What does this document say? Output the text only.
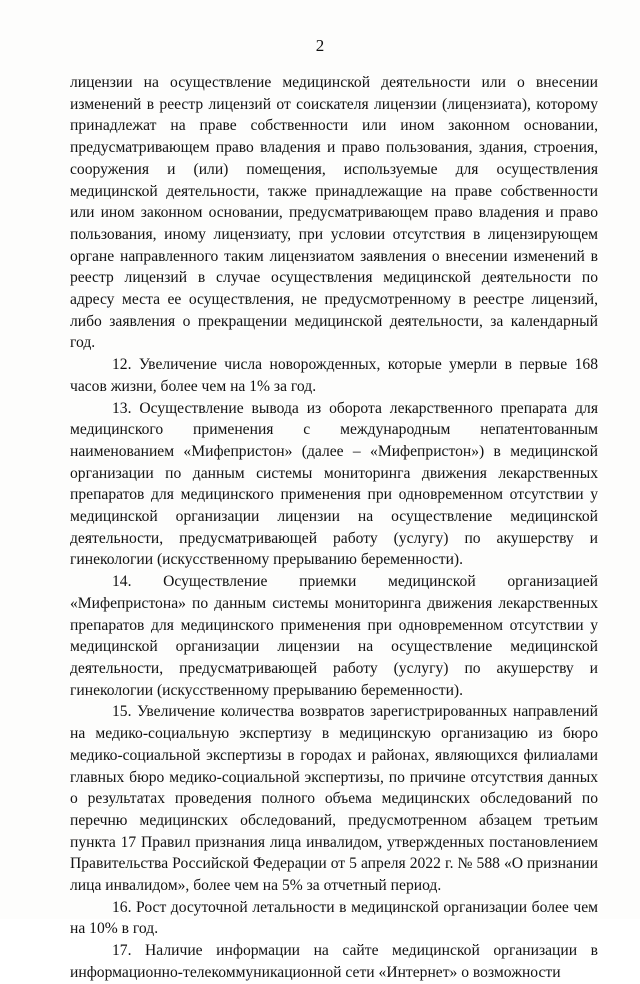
2

лицензии на осуществление медицинской деятельности или о внесении изменений в реестр лицензий от соискателя лицензии (лицензиата), которому принадлежат на праве собственности или ином законном основании, предусматривающем право владения и право пользования, здания, строения, сооружения и (или) помещения, используемые для осуществления медицинской деятельности, также принадлежащие на праве собственности или ином законном основании, предусматривающем право владения и право пользования, иному лицензиату, при условии отсутствия в лицензирующем органе направленного таким лицензиатом заявления о внесении изменений в реестр лицензий в случае осуществления медицинской деятельности по адресу места ее осуществления, не предусмотренному в реестре лицензий, либо заявления о прекращении медицинской деятельности, за календарный год.

12. Увеличение числа новорожденных, которые умерли в первые 168 часов жизни, более чем на 1% за год.

13. Осуществление вывода из оборота лекарственного препарата для медицинского применения с международным непатентованным наименованием «Мифепристон» (далее – «Мифепристон») в медицинской организации по данным системы мониторинга движения лекарственных препаратов для медицинского применения при одновременном отсутствии у медицинской организации лицензии на осуществление медицинской деятельности, предусматривающей работу (услугу) по акушерству и гинекологии (искусственному прерыванию беременности).

14. Осуществление приемки медицинской организацией «Мифепристона» по данным системы мониторинга движения лекарственных препаратов для медицинского применения при одновременном отсутствии у медицинской организации лицензии на осуществление медицинской деятельности, предусматривающей работу (услугу) по акушерству и гинекологии (искусственному прерыванию беременности).

15. Увеличение количества возвратов зарегистрированных направлений на медико-социальную экспертизу в медицинскую организацию из бюро медико-социальной экспертизы в городах и районах, являющихся филиалами главных бюро медико-социальной экспертизы, по причине отсутствия данных о результатах проведения полного объема медицинских обследований по перечню медицинских обследований, предусмотренном абзацем третьим пункта 17 Правил признания лица инвалидом, утвержденных постановлением Правительства Российской Федерации от 5 апреля 2022 г. № 588 «О признании лица инвалидом», более чем на 5% за отчетный период.

16. Рост досуточной летальности в медицинской организации более чем на 10% в год.

17. Наличие информации на сайте медицинской организации в информационно-телекоммуникационной сети «Интернет» о возможности
